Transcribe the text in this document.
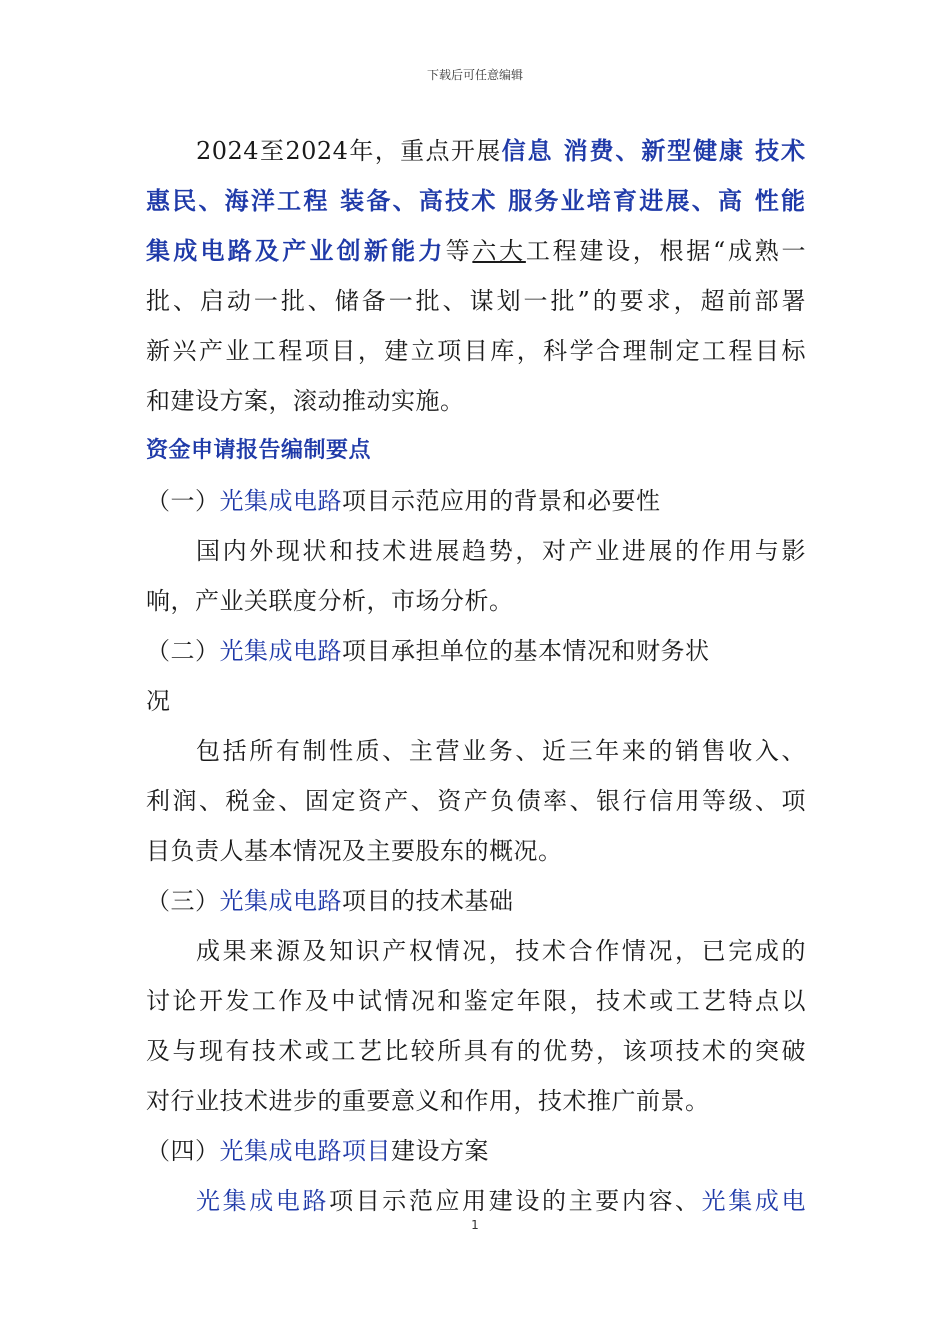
下载后可任意编辑

2024至2024年，重点开展信息 消费、新型健康 技术

惠民、海洋工程 装备、高技术 服务业培育进展、高 性能

集成电路及产业创新能力等六大工程建设，根据“成熟一

批、启动一批、储备一批、谋划一批”的要求，超前部署

新兴产业工程项目，建立项目库，科学合理制定工程目标

和建设方案，滚动推动实施。

资金申请报告编制要点

（一）光集成电路项目示范应用的背景和必要性

国内外现状和技术进展趋势，对产业进展的作用与影

响，产业关联度分析，市场分析。

（二）光集成电路项目承担单位的基本情况和财务状

况

包括所有制性质、主营业务、近三年来的销售收入、

利润、税金、固定资产、资产负债率、银行信用等级、项

目负责人基本情况及主要股东的概况。

（三）光集成电路项目的技术基础

成果来源及知识产权情况，技术合作情况，已完成的

讨论开发工作及中试情况和鉴定年限，技术或工艺特点以

及与现有技术或工艺比较所具有的优势，该项技术的突破

对行业技术进步的重要意义和作用，技术推广前景。

（四）光集成电路项目建设方案

光集成电路项目示范应用建设的主要内容、光集成电

1
